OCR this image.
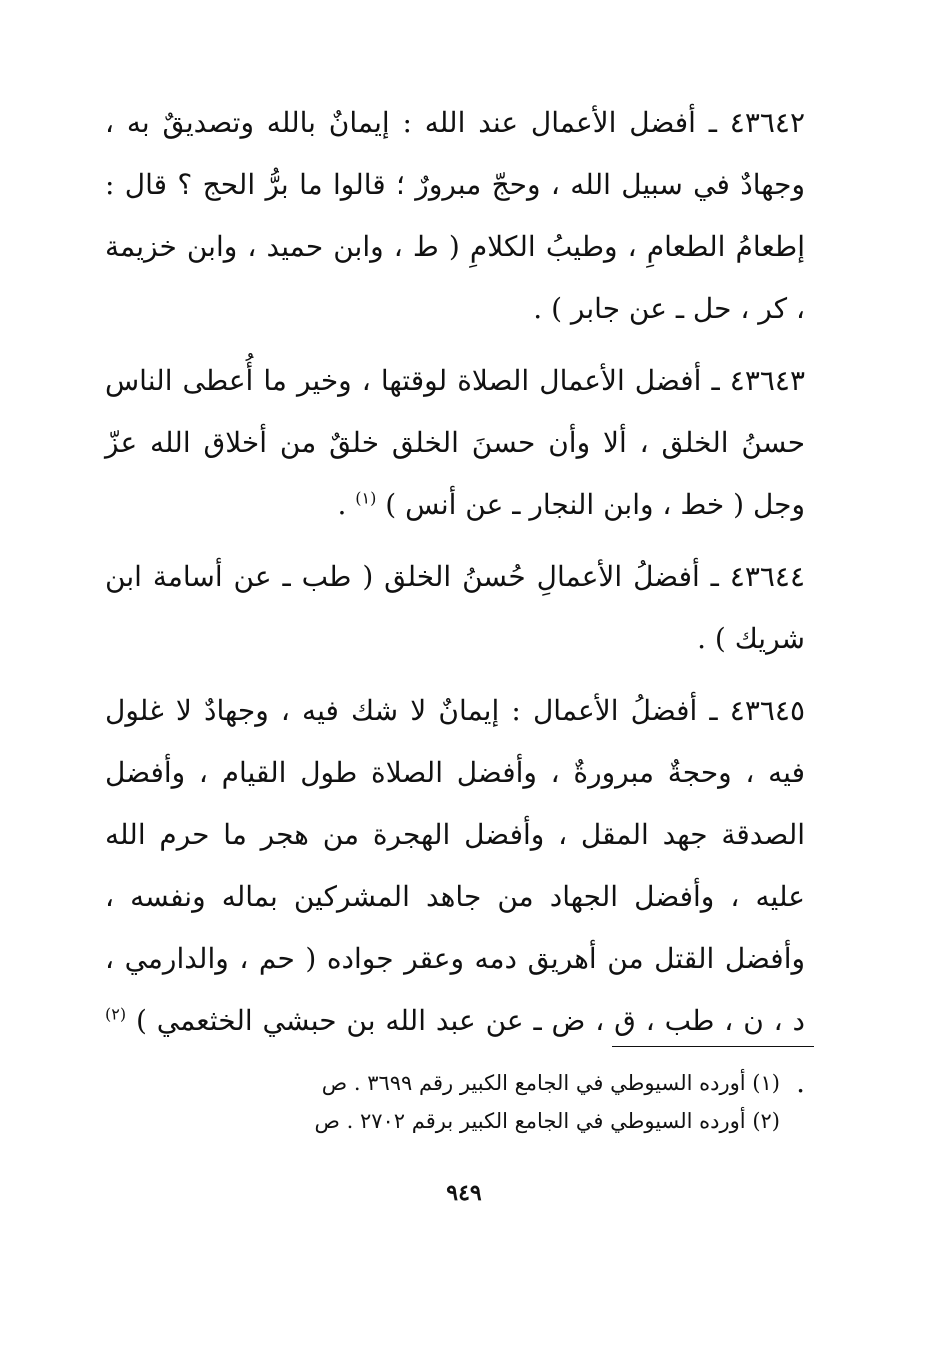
٤٣٦٤٢ ـ أفضل الأعمال عند الله : إيمانٌ بالله وتصديقٌ به ، وجهادٌ في سبيل الله ، وحجّ مبرورٌ ؛ قالوا ما برُّ الحج ؟ قال : إطعامُ الطعامِ ، وطيبُ الكلامِ ( ط ، وابن حميد ، وابن خزيمة ، كر ، حل ـ عن جابر ) .

٤٣٦٤٣ ـ أفضل الأعمال الصلاة لوقتها ، وخير ما أُعطى الناس حسنُ الخلق ، ألا وأن حسنَ الخلق خلقٌ من أخلاق الله عزّ وجل ( خط ، وابن النجار ـ عن أنس ) $^{(١)}$ .

٤٣٦٤٤ ـ أفضلُ الأعمالِ حُسنُ الخلق ( طب ـ عن أسامة ابن شريك ) .

٤٣٦٤٥ ـ أفضلُ الأعمال : إيمانٌ لا شك فيه ، وجهادٌ لا غلول فيه ، وحجةٌ مبرورةٌ ، وأفضل الصلاة طول القيام ، وأفضل الصدقة جهد المقل ، وأفضل الهجرة من هجر ما حرم الله عليه ، وأفضل الجهاد من جاهد المشركين بماله ونفسه ، وأفضل القتل من أهريق دمه وعقر جواده ( حم ، والدارمي ، د ، ن ، طب ، ق ، ض ـ عن عبد الله بن حبشي الخثعمي ) $^{(٢)}$ .

(١) أورده السيوطي في الجامع الكبير رقم ٣٦٩٩ . ص

(٢) أورده السيوطي في الجامع الكبير برقم ٢٧٠٢ . ص

٩٤٩
